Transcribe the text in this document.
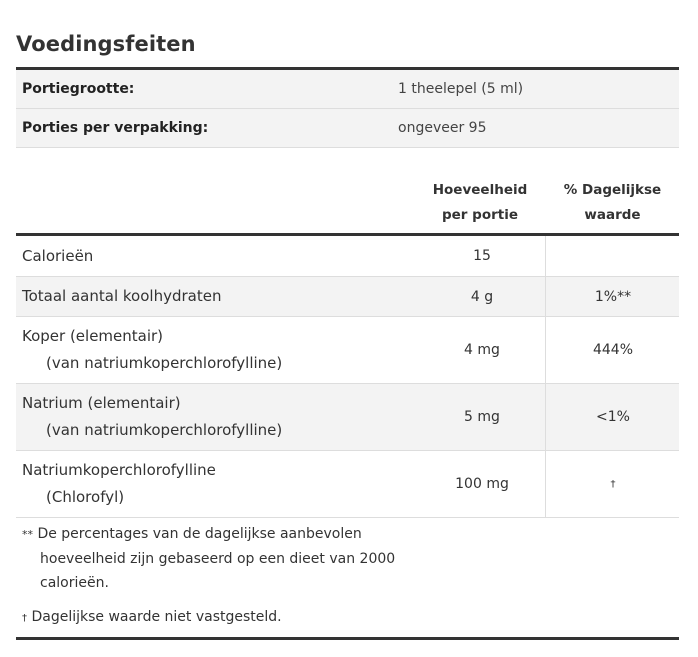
Voedingsfeiten
Portiegrootte:	1 theelepel (5 ml)
Porties per verpakking:	ongeveer 95
Hoeveelheid
per portie
% Dagelijkse
waarde
Calorieën	15
Totaal aantal koolhydraten	4 g	1%**
Koper (elementair)
(van natriumkoperchlorofylline)
4 mg	444%
Natrium (elementair)
(van natriumkoperchlorofylline)
5 mg	<1%
Natriumkoperchlorofylline
(Chlorofyl)
100 mg	†

** De percentages van de dagelijkse aanbevolen hoeveelheid zijn gebaseerd op een dieet van 2000 calorieën.

† Dagelijkse waarde niet vastgesteld.
